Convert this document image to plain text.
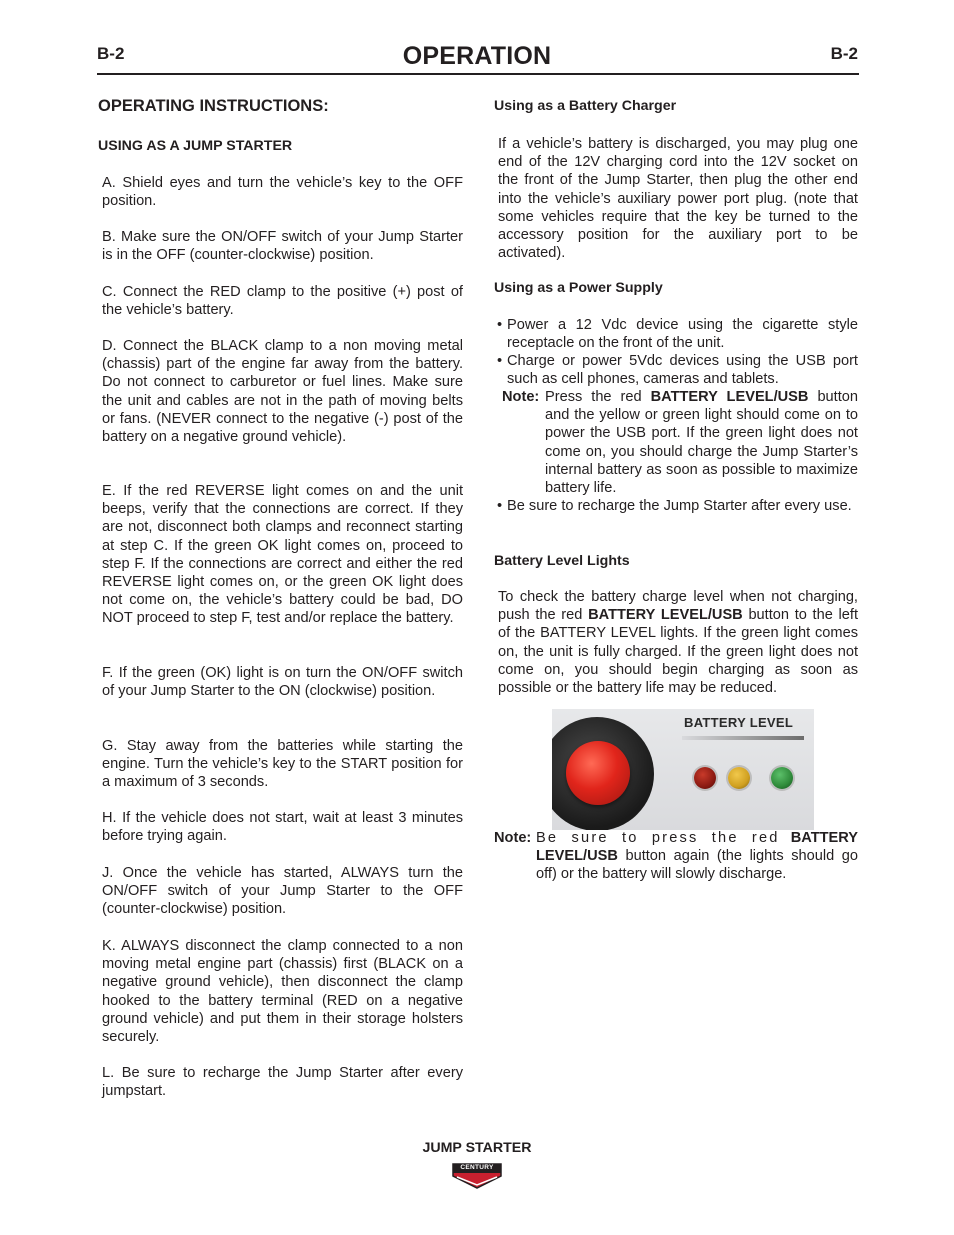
B-2	OPERATION	B-2
OPERATING INSTRUCTIONS:
USING AS A JUMP STARTER
A. Shield eyes and turn the vehicle’s key to the OFF position.
B. Make sure the ON/OFF switch of your Jump Starter is in the OFF (counter-clockwise) position.
C. Connect the RED clamp to the positive (+) post of the vehicle’s battery.
D. Connect the BLACK clamp to a non moving metal (chassis) part of the engine far away from the battery. Do not connect to carburetor or fuel lines. Make sure the unit and cables are not in the path of moving belts or fans. (NEVER connect to the negative (-) post of the battery on a negative ground vehicle).
E. If the red REVERSE light comes on and the unit beeps, verify that the connections are correct. If they are not, disconnect both clamps and reconnect starting at step C. If the green OK light comes on, proceed to step F. If the connections are correct and either the red REVERSE light comes on, or the green OK light does not come on, the vehicle’s battery could be bad, DO NOT proceed to step F, test and/or replace the battery.
F. If the green (OK) light is on turn the ON/OFF switch of your Jump Starter to the ON (clockwise) position.
G. Stay away from the batteries while starting the engine. Turn the vehicle’s key to the START position for a maximum of 3 seconds.
H. If the vehicle does not start, wait at least 3 minutes before trying again.
J. Once the vehicle has started, ALWAYS turn the ON/OFF switch of your Jump Starter to the OFF (counter-clockwise) position.
K. ALWAYS disconnect the clamp connected to a non moving metal engine part (chassis) first (BLACK on a negative ground vehicle), then disconnect the clamp hooked to the battery terminal (RED on a negative ground vehicle) and put them in their storage holsters securely.
L. Be sure to recharge the Jump Starter after every jumpstart.
Using as a Battery Charger
If a vehicle’s battery is discharged, you may plug one end of the 12V charging cord into the 12V socket on the front of the Jump Starter, then plug the other end into the vehicle’s auxiliary power port plug. (note that some vehicles require that the key be turned to the accessory position for the auxiliary port to be activated).
Using as a Power Supply
• Power a 12 Vdc device using the cigarette style receptacle on the front of the unit.
• Charge or power 5Vdc devices using the USB port such as cell phones, cameras and tablets.
Note: Press the red BATTERY LEVEL/USB button and the yellow or green light should come on to power the USB port. If the green light does not come on, you should charge the Jump Starter’s internal battery as soon as possible to maximize battery life.
• Be sure to recharge the Jump Starter after every use.
Battery Level Lights
To check the battery charge level when not charging, push the red BATTERY LEVEL/USB button to the left of the BATTERY LEVEL lights. If the green light comes on, the unit is fully charged. If the green light does not come on, you should begin charging as soon as possible or the battery life may be reduced.
BATTERY LEVEL
Note: Be sure to press the red BATTERY LEVEL/USB button again (the lights should go off) or the battery will slowly discharge.
JUMP STARTER
CENTURY
